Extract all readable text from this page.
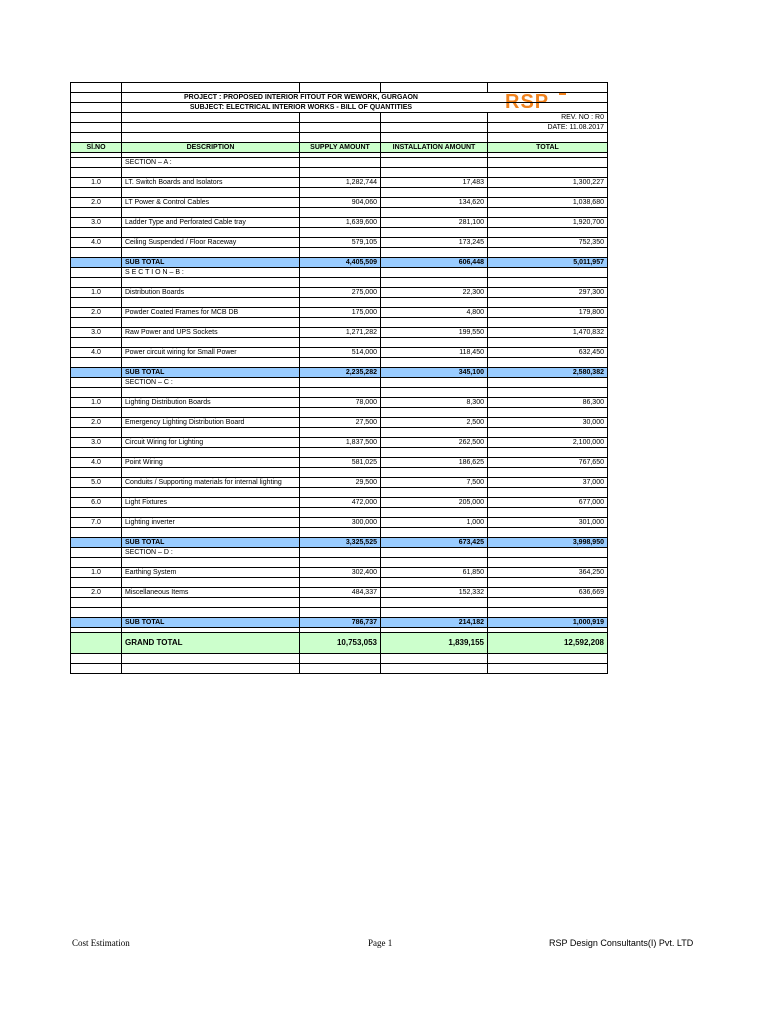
RSP

	PROJECT : PROPOSED INTERIOR FITOUT FOR WEWORK, GURGAON			
	SUBJECT: ELECTRICAL INTERIOR WORKS - BILL OF QUANTITIES			
				REV. NO : R0
				DATE: 11.08.2017

Sl.NO	DESCRIPTION	SUPPLY AMOUNT	INSTALLATION AMOUNT	TOTAL

	SECTION – A :			

1.0	LT. Switch Boards and Isolators	1,282,744	17,483	1,300,227

2.0	LT Power & Control Cables	904,060	134,620	1,038,680

3.0	Ladder Type and Perforated Cable tray	1,639,600	281,100	1,920,700

4.0	Ceiling Suspended / Floor Raceway	579,105	173,245	752,350

	SUB TOTAL	4,405,509	606,448	5,011,957
	S E C T I O N – B :			

1.0	Distribution Boards	275,000	22,300	297,300

2.0	Powder Coated Frames for MCB DB	175,000	4,800	179,800

3.0	Raw Power and UPS Sockets	1,271,282	199,550	1,470,832

4.0	Power circuit wiring for Small Power	514,000	118,450	632,450

	SUB TOTAL	2,235,282	345,100	2,580,382
	SECTION – C :			

1.0	Lighting Distribution Boards	78,000	8,300	86,300

2.0	Emergency Lighting Distribution Board	27,500	2,500	30,000

3.0	Circuit Wiring for Lighting	1,837,500	262,500	2,100,000

4.0	Point Wiring	581,025	186,625	767,650

5.0	Conduits / Supporting materials for internal lighting	29,500	7,500	37,000

6.0	Light Fixtures	472,000	205,000	677,000

7.0	Lighting inverter	300,000	1,000	301,000

	SUB TOTAL	3,325,525	673,425	3,998,950
	SECTION – D :			

1.0	Earthing System	302,400	61,850	364,250

2.0	Miscellaneous Items	484,337	152,332	636,669

	SUB TOTAL	786,737	214,182	1,000,919

	GRAND TOTAL	10,753,053	1,839,155	12,592,208

Cost Estimation	Page 1	RSP Design Consultants(I) Pvt. LTD
